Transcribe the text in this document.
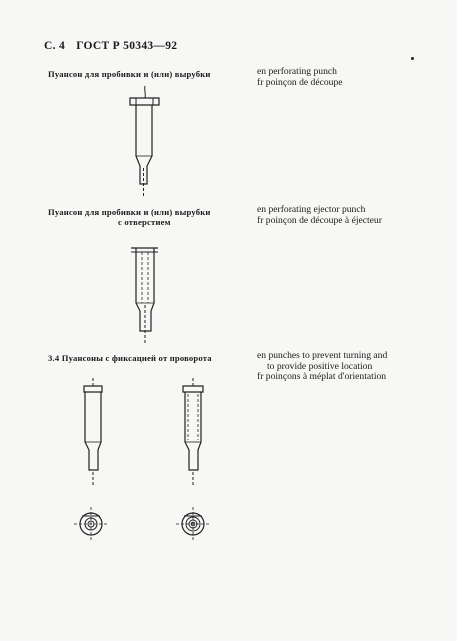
С. 4 ГОСТ Р 50343—92
Пуансон для пробивки и (или) вырубки	en perforating punch
fr poinçon de découpe
Пуансон для пробивки и (или) вырубки
с отверстием
en perforating ejector punch
fr poinçon de découpe à éjecteur
3.4 Пуансоны с фиксацией от проворота	en punches to prevent turning and
to provide positive location
fr poinçons à méplat d'orientation
